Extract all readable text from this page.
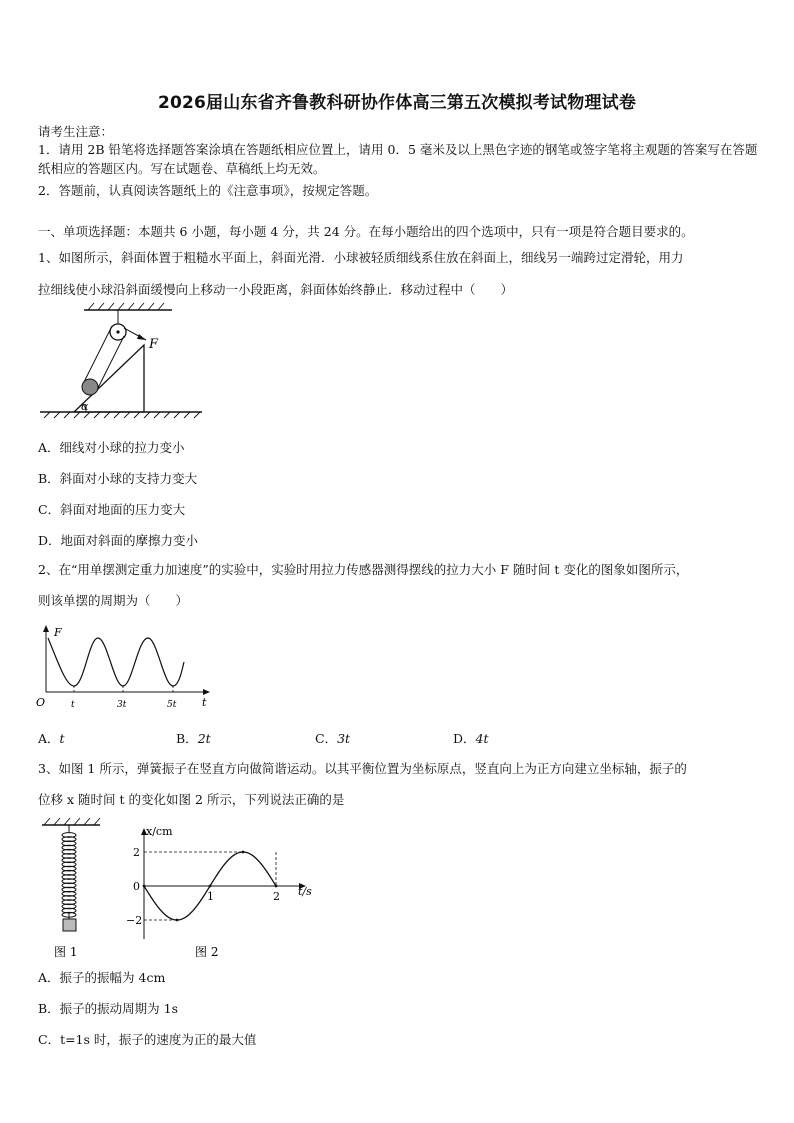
2026届山东省齐鲁教科研协作体高三第五次模拟考试物理试卷
请考生注意：
1．请用 2B 铅笔将选择题答案涂填在答题纸相应位置上，请用 0．5 毫米及以上黑色字迹的钢笔或签字笔将主观题的答案写在答题纸相应的答题区内。写在试题卷、草稿纸上均无效。
2．答题前，认真阅读答题纸上的《注意事项》，按规定答题。
一、单项选择题：本题共 6 小题，每小题 4 分，共 24 分。在每小题给出的四个选项中，只有一项是符合题目要求的。
1、如图所示，斜面体置于粗糙水平面上，斜面光滑．小球被轻质细线系住放在斜面上，细线另一端跨过定滑轮，用力
拉细线使小球沿斜面缓慢向上移动一小段距离，斜面体始终静止．移动过程中（　　）
F
α
A．细线对小球的拉力变小
B．斜面对小球的支持力变大
C．斜面对地面的压力变大
D．地面对斜面的摩擦力变小
2、在“用单摆测定重力加速度”的实验中，实验时用拉力传感器测得摆线的拉力大小 F 随时间 t 变化的图象如图所示，
则该单摆的周期为（　　）
F
t
O	t	3t	5t
A．t	B．2t	C．3t	D．4t
3、如图 1 所示，弹簧振子在竖直方向做简谐运动。以其平衡位置为坐标原点，竖直向上为正方向建立坐标轴，振子的
位移 x 随时间 t 的变化如图 2 所示，下列说法正确的是
图 1
x/cm
t/s
2
0
−2
1	2
图 2
A．振子的振幅为 4cm
B．振子的振动周期为 1s
C．t=1s 时，振子的速度为正的最大值
